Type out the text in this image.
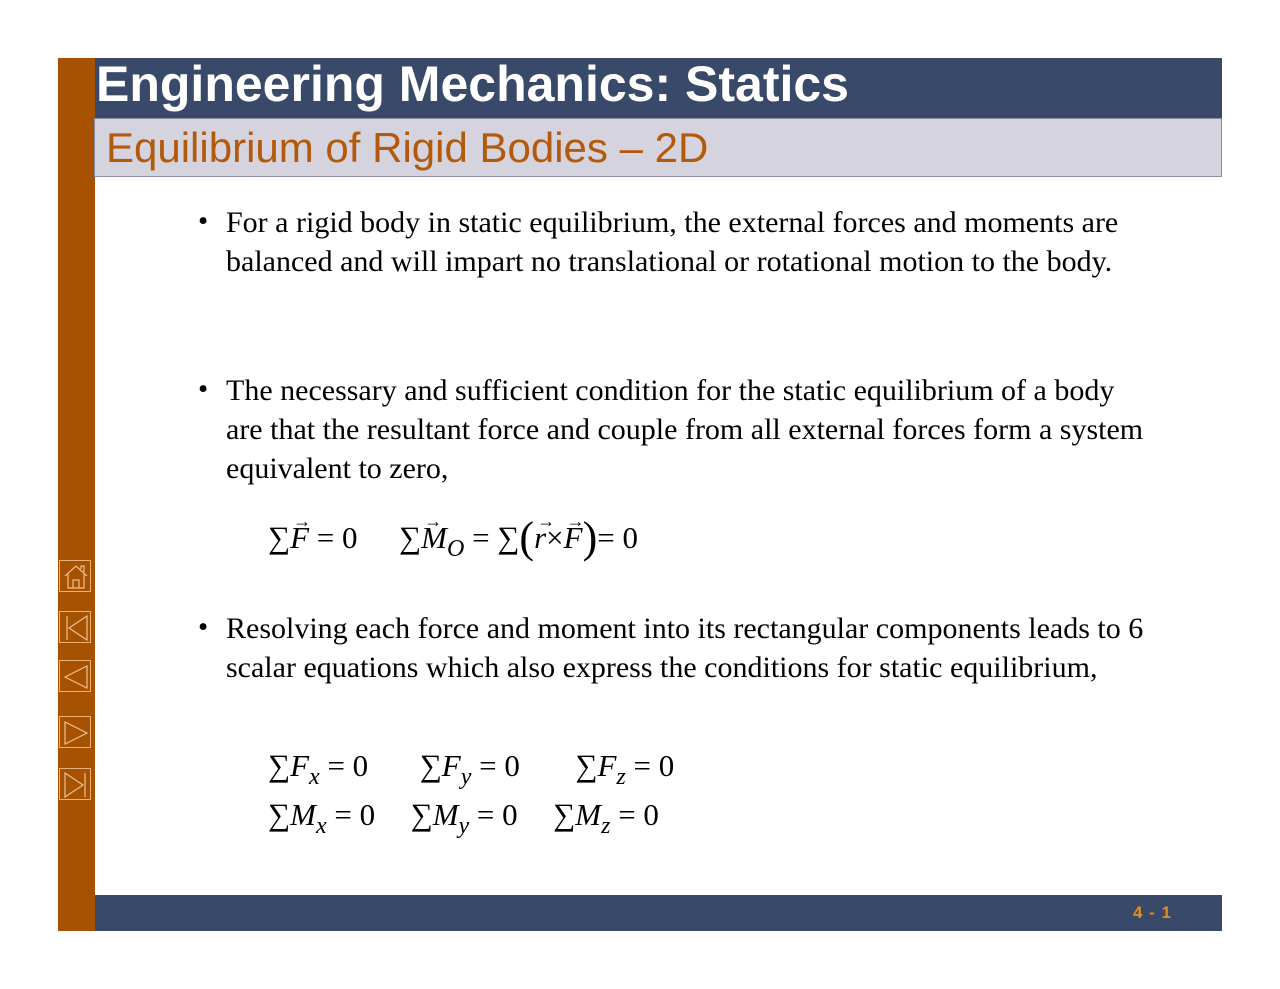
Engineering Mechanics: Statics
Equilibrium of Rigid Bodies – 2D
• For a rigid body in static equilibrium, the external forces and moments are balanced and will impart no translational or rotational motion to the body.

• The necessary and sufficient condition for the static equilibrium of a body are that the resultant force and couple from all external forces form a system equivalent to zero,

∑→ F = 0 ∑→ $M_O$ = ∑(→ r×→ F)= 0
• Resolving each force and moment into its rectangular components leads to 6 scalar equations which also express the conditions for static equilibrium,

$\sum F_x = 0$ $\sum F_y = 0$ $\sum F_z = 0$
$\sum M_x = 0$ $\sum M_y = 0$ $\sum M_z = 0$
4 - 1
